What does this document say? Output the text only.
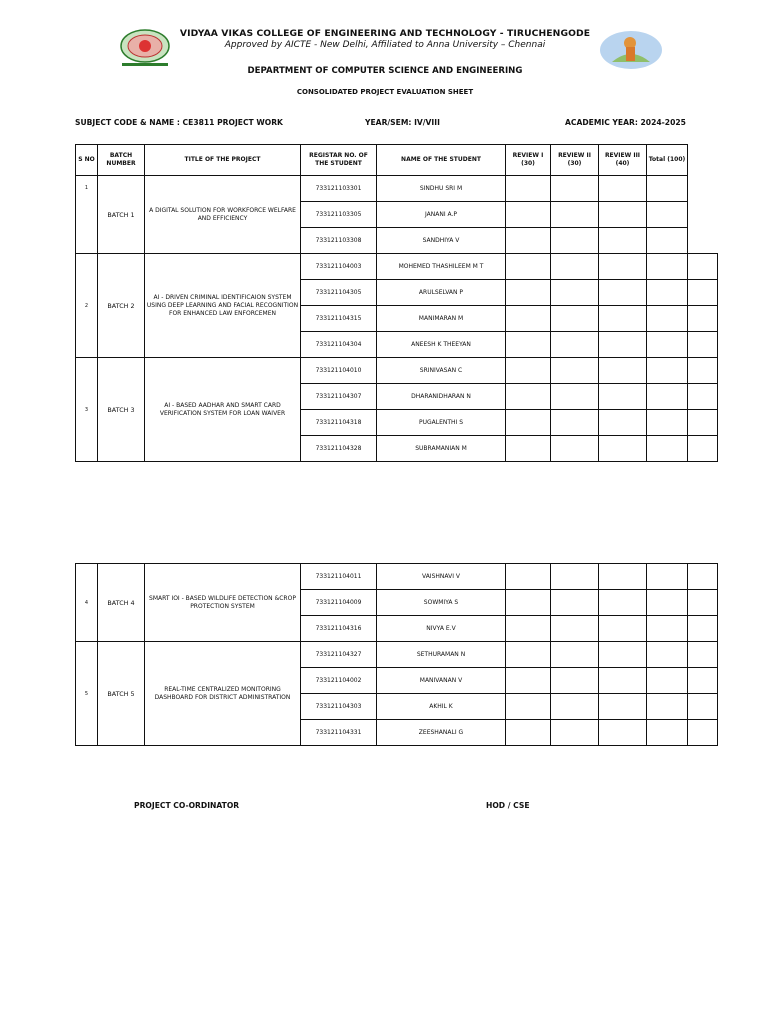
VIDYAA VIKAS COLLEGE OF ENGINEERING AND TECHNOLOGY - TIRUCHENGODE
Approved by AICTE - New Delhi, Affiliated to Anna University – Chennai
DEPARTMENT OF COMPUTER SCIENCE AND ENGINEERING
CONSOLIDATED PROJECT EVALUATION SHEET
SUBJECT CODE & NAME : CE3811 PROJECT WORK	YEAR/SEM: IV/VIII	ACADEMIC YEAR: 2024-2025
S NO	BATCH NUMBER	TITLE OF THE PROJECT	REGISTAR NO. OF THE STUDENT	NAME OF THE STUDENT	REVIEW I (30)	REVIEW II (30)	REVIEW III (40)	Total (100)	
1	BATCH 1	A DIGITAL SOLUTION FOR WORKFORCE WELFARE AND EFFICIENCY	733121103301	SINDHU SRI M					
			733121103305	JANANI A.P					
			733121103308	SANDHIYA V					
2	BATCH 2	AI - DRIVEN CRIMINAL IDENTIFICAION SYSTEM USING DEEP LEARNING AND FACIAL RECOGNITION FOR ENHANCED LAW ENFORCEMEN	733121104003	MOHEMED THASHILEEM M T					
			733121104305	ARULSELVAN P					
			733121104315	MANIMARAN M					
			733121104304	ANEESH K THEEYAN					
3	BATCH 3	AI - BASED AADHAR AND SMART CARD VERIFICATION SYSTEM FOR LOAN WAIVER	733121104010	SRINIVASAN C					
			733121104307	DHARANIDHARAN N					
			733121104318	PUGALENTHI S					
			733121104328	SUBRAMANIAN M					
4	BATCH 4	SMART IOI - BASED WILDLIFE DETECTION &CROP PROTECTION SYSTEM	733121104011	VAISHNAVI V					
			733121104009	SOWMIYA S					
			733121104316	NIVYA E.V					
5	BATCH 5	REAL-TIME CENTRALIZED MONITORING DASHBOARD FOR DISTRICT ADMINISTRATION	733121104327	SETHURAMAN N					
			733121104002	MANIVANAN V					
			733121104303	AKHIL K					
			733121104331	ZEESHANALI G					
PROJECT CO-ORDINATOR	HOD / CSE
